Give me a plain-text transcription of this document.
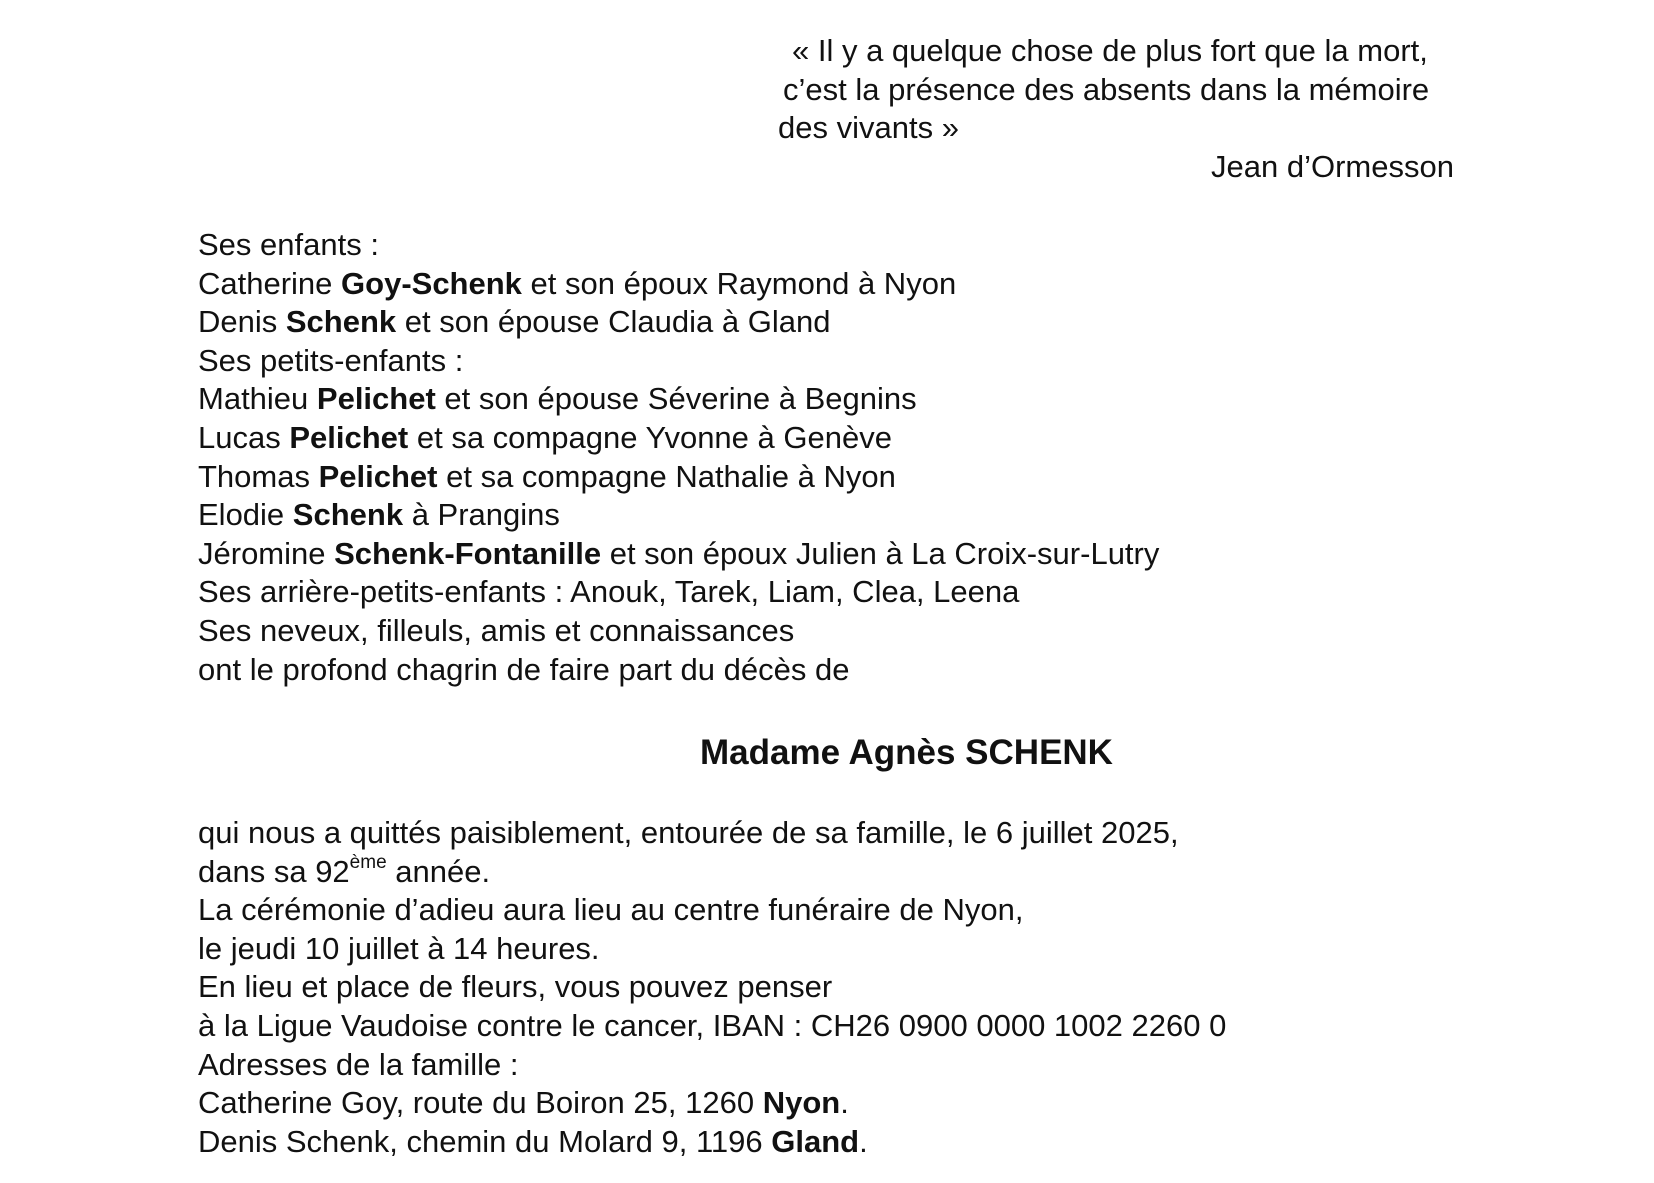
« Il y a quelque chose de plus fort que la mort,
c’est la présence des absents dans la mémoire
des vivants »
Jean d’Ormesson
Ses enfants :
Catherine Goy-Schenk et son époux Raymond à Nyon
Denis Schenk et son épouse Claudia à Gland
Ses petits-enfants :
Mathieu Pelichet et son épouse Séverine à Begnins
Lucas Pelichet et sa compagne Yvonne à Genève
Thomas Pelichet et sa compagne Nathalie à Nyon
Elodie Schenk à Prangins
Jéromine Schenk-Fontanille et son époux Julien à La Croix-sur-Lutry
Ses arrière-petits-enfants : Anouk, Tarek, Liam, Clea, Leena
Ses neveux, filleuls, amis et connaissances
ont le profond chagrin de faire part du décès de
Madame Agnès SCHENK
qui nous a quittés paisiblement, entourée de sa famille, le 6 juillet 2025,
dans sa 92ème année.
La cérémonie d’adieu aura lieu au centre funéraire de Nyon,
le jeudi 10 juillet à 14 heures.
En lieu et place de fleurs, vous pouvez penser
à la Ligue Vaudoise contre le cancer, IBAN : CH26 0900 0000 1002 2260 0
Adresses de la famille :
Catherine Goy, route du Boiron 25, 1260 Nyon.
Denis Schenk, chemin du Molard 9, 1196 Gland.
